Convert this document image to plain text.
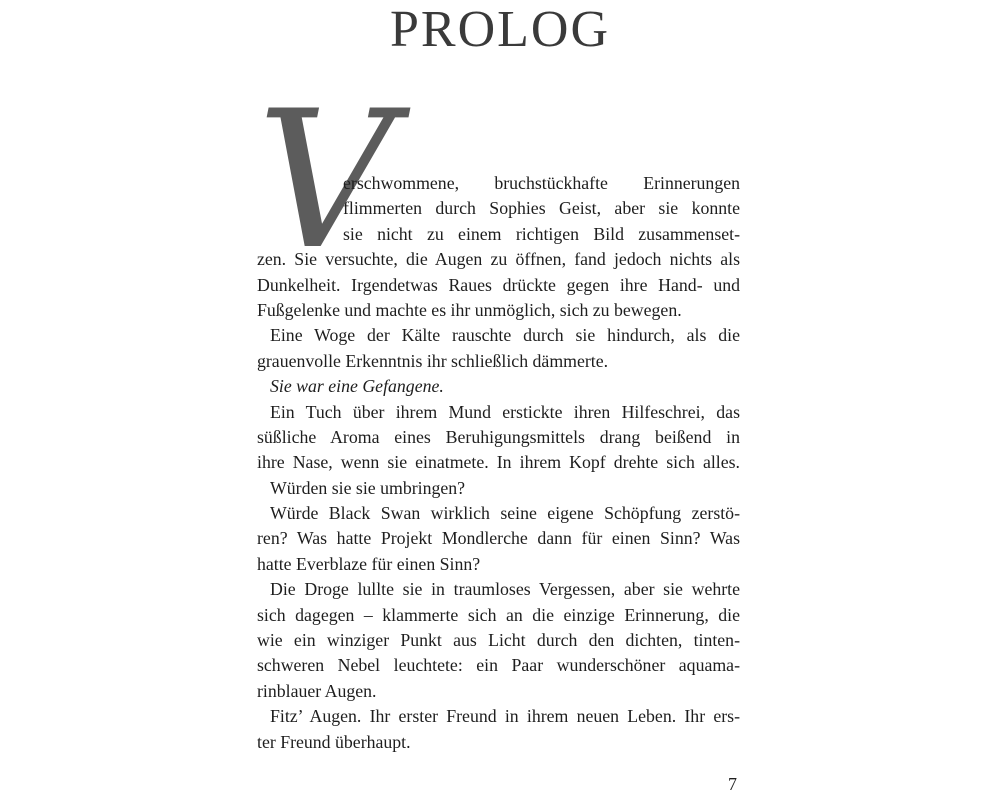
PROLOG
V
erschwommene, bruchstückhafte Erinnerungen
flimmerten durch Sophies Geist, aber sie konnte
sie nicht zu einem richtigen Bild zusammenset-
zen. Sie versuchte, die Augen zu öffnen, fand jedoch nichts als
Dunkelheit. Irgendetwas Raues drückte gegen ihre Hand- und
Fußgelenke und machte es ihr unmöglich, sich zu bewegen.
Eine Woge der Kälte rauschte durch sie hindurch, als die
grauenvolle Erkenntnis ihr schließlich dämmerte.
Sie war eine Gefangene.
Ein Tuch über ihrem Mund erstickte ihren Hilfeschrei, das
süßliche Aroma eines Beruhigungsmittels drang beißend in
ihre Nase, wenn sie einatmete. In ihrem Kopf drehte sich alles.
Würden sie sie umbringen?
Würde Black Swan wirklich seine eigene Schöpfung zerstö-
ren? Was hatte Projekt Mondlerche dann für einen Sinn? Was
hatte Everblaze für einen Sinn?
Die Droge lullte sie in traumloses Vergessen, aber sie wehrte
sich dagegen – klammerte sich an die einzige Erinnerung, die
wie ein winziger Punkt aus Licht durch den dichten, tinten-
schweren Nebel leuchtete: ein Paar wunderschöner aquama-
rinblauer Augen.
Fitz’ Augen. Ihr erster Freund in ihrem neuen Leben. Ihr ers-
ter Freund überhaupt.
7
